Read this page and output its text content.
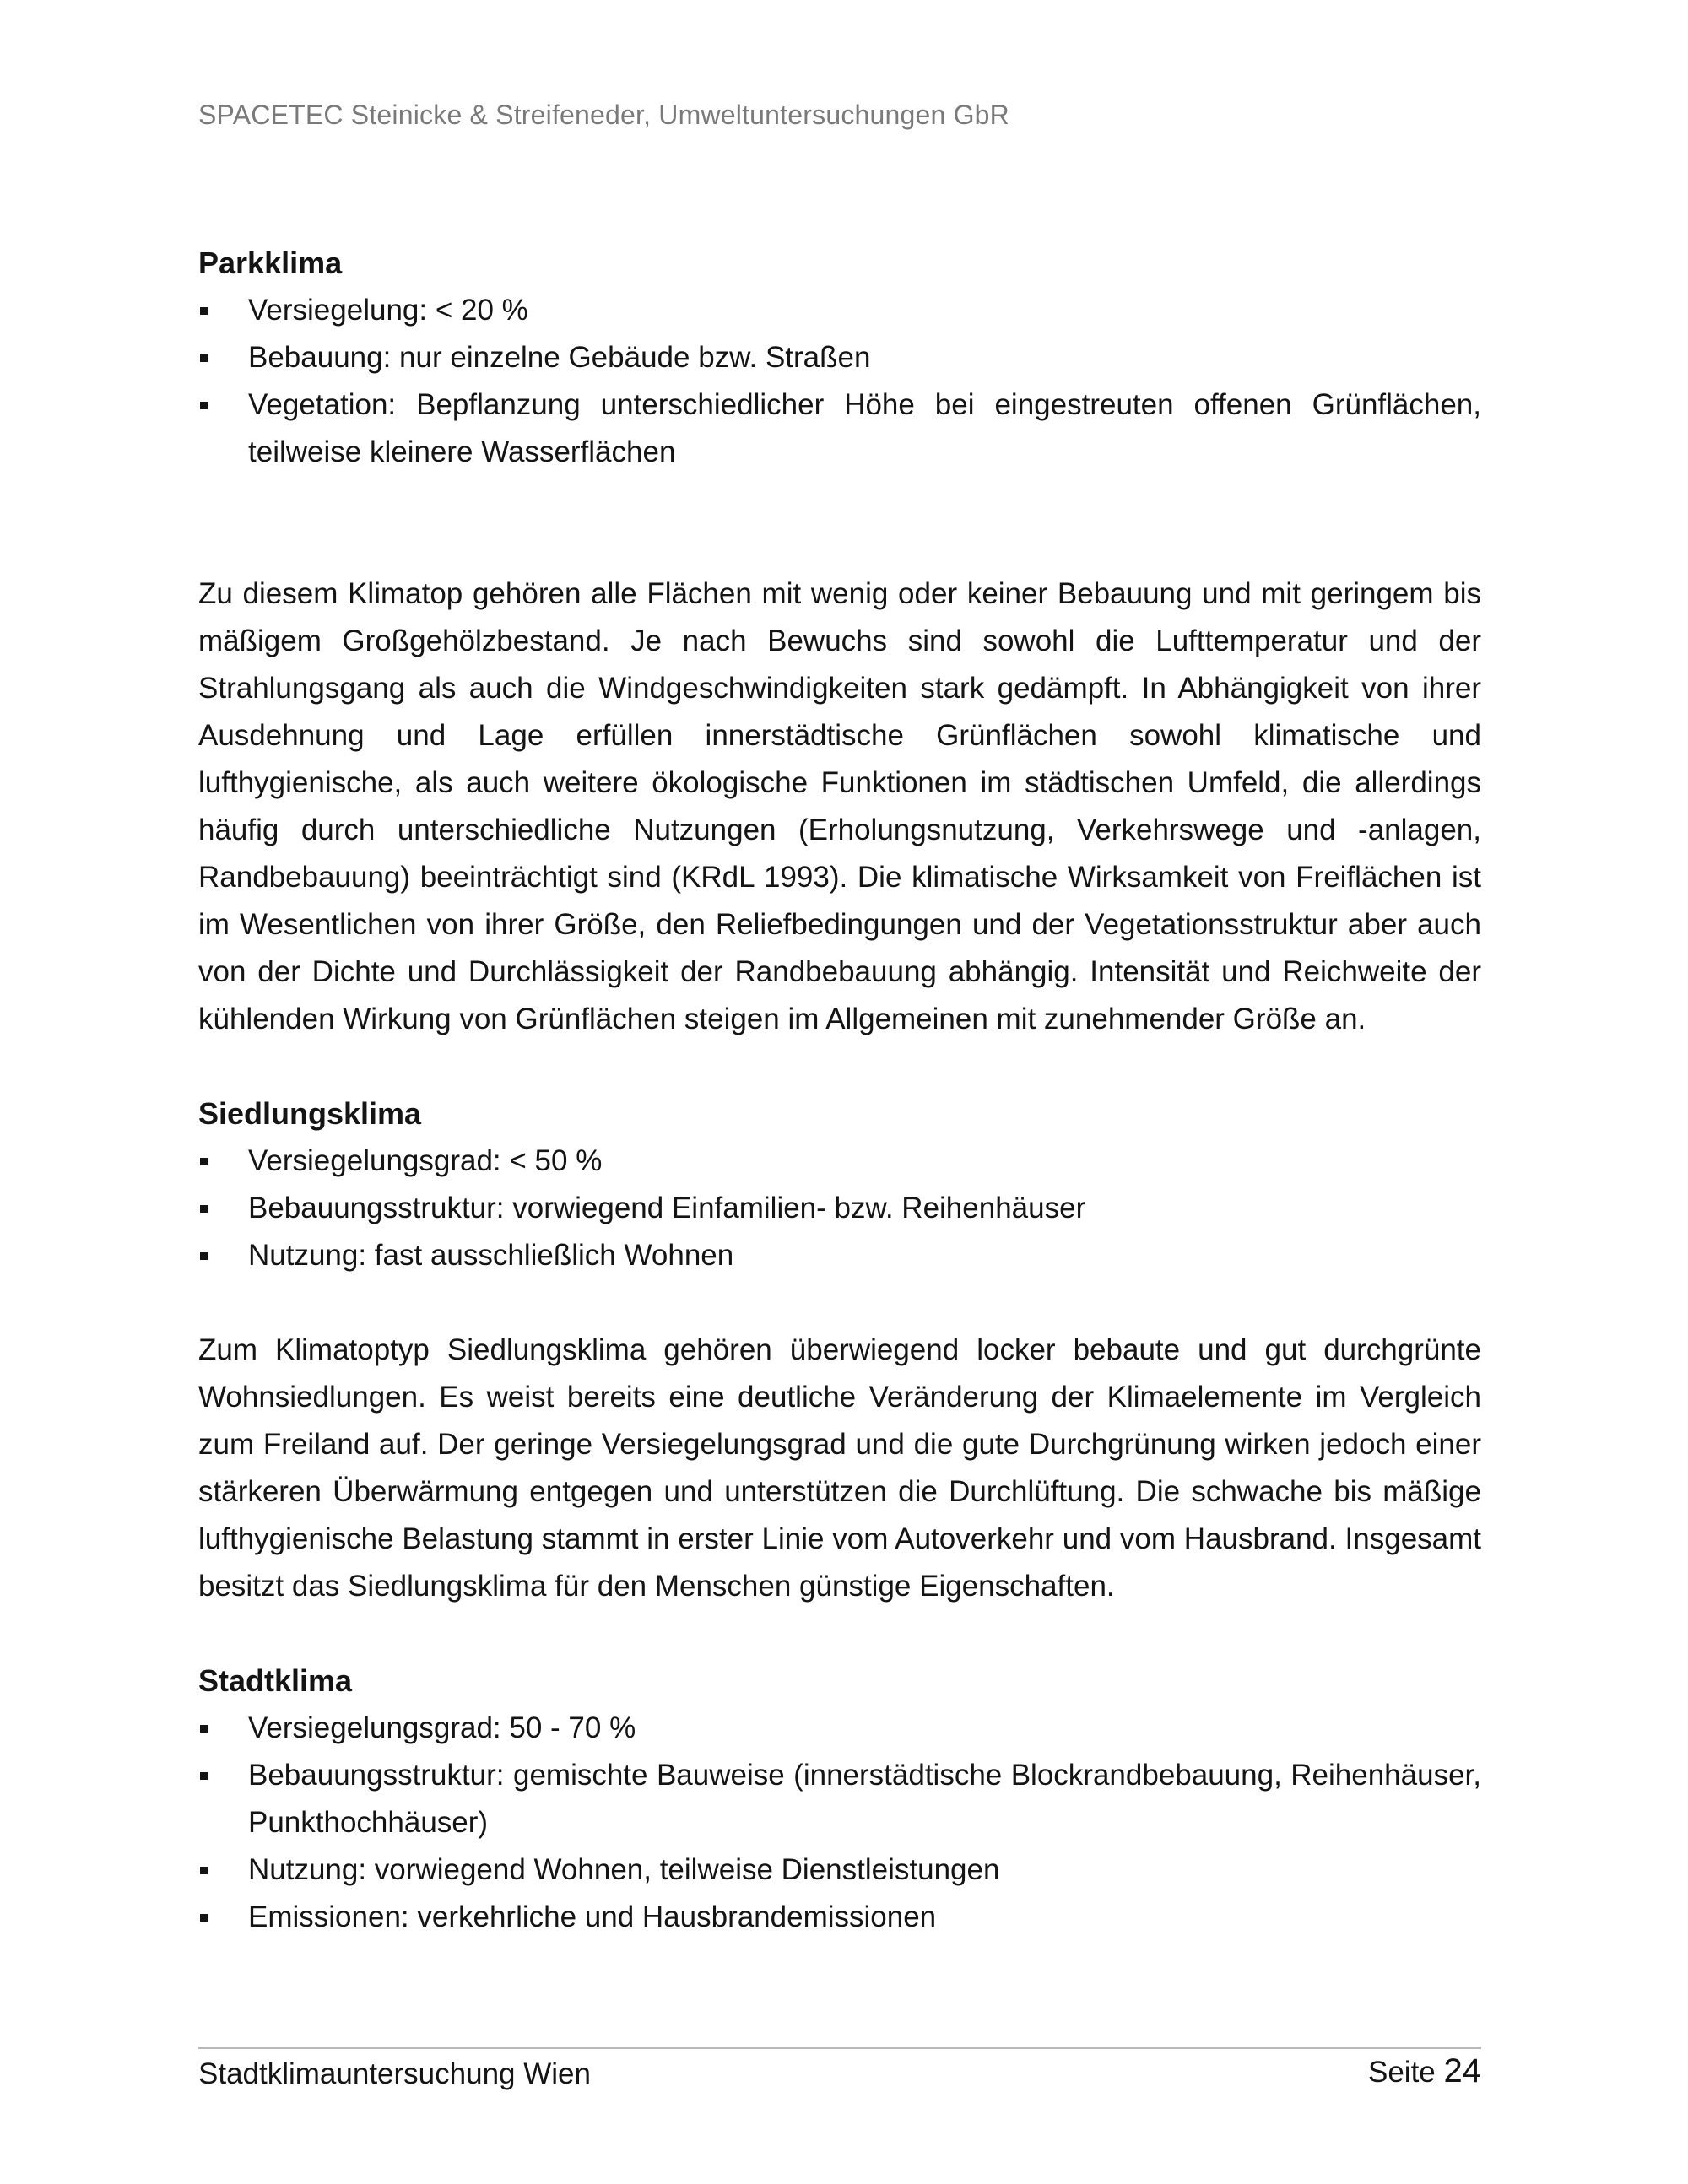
SPACETEC Steinicke & Streifeneder, Umweltuntersuchungen GbR
Parkklima
Versiegelung: < 20 %
Bebauung: nur einzelne Gebäude bzw. Straßen
Vegetation: Bepflanzung unterschiedlicher Höhe bei eingestreuten offenen Grünflächen, teilweise kleinere Wasserflächen

Zu diesem Klimatop gehören alle Flächen mit wenig oder keiner Bebauung und mit geringem bis mäßigem Großgehölzbestand. Je nach Bewuchs sind sowohl die Lufttemperatur und der Strahlungsgang als auch die Windgeschwindigkeiten stark gedämpft. In Abhängigkeit von ihrer Ausdehnung und Lage erfüllen innerstädtische Grünflächen sowohl klimatische und lufthygienische, als auch weitere ökologische Funktionen im städtischen Umfeld, die allerdings häufig durch unterschiedliche Nutzungen (Erholungsnutzung, Verkehrswege und -anlagen, Randbebauung) beeinträchtigt sind (KRdL 1993). Die klimatische Wirksamkeit von Freiflächen ist im Wesentlichen von ihrer Größe, den Reliefbedingungen und der Vegetationsstruktur aber auch von der Dichte und Durchlässigkeit der Randbebauung abhängig. Intensität und Reichweite der kühlenden Wirkung von Grünflächen steigen im Allgemeinen mit zunehmender Größe an.

Siedlungsklima
Versiegelungsgrad: < 50 %
Bebauungsstruktur: vorwiegend Einfamilien- bzw. Reihenhäuser
Nutzung: fast ausschließlich Wohnen

Zum Klimatoptyp Siedlungsklima gehören überwiegend locker bebaute und gut durchgrünte Wohnsiedlungen. Es weist bereits eine deutliche Veränderung der Klimaelemente im Vergleich zum Freiland auf. Der geringe Versiegelungsgrad und die gute Durchgrünung wirken jedoch einer stärkeren Überwärmung entgegen und unterstützen die Durchlüftung. Die schwache bis mäßige lufthygienische Belastung stammt in erster Linie vom Autoverkehr und vom Hausbrand. Insgesamt besitzt das Siedlungsklima für den Menschen günstige Eigenschaften.

Stadtklima
Versiegelungsgrad: 50 - 70 %
Bebauungsstruktur: gemischte Bauweise (innerstädtische Blockrandbebauung, Reihenhäuser, Punkthochhäuser)
Nutzung: vorwiegend Wohnen, teilweise Dienstleistungen
Emissionen: verkehrliche und Hausbrandemissionen
Stadtklimauntersuchung Wien	Seite 24
